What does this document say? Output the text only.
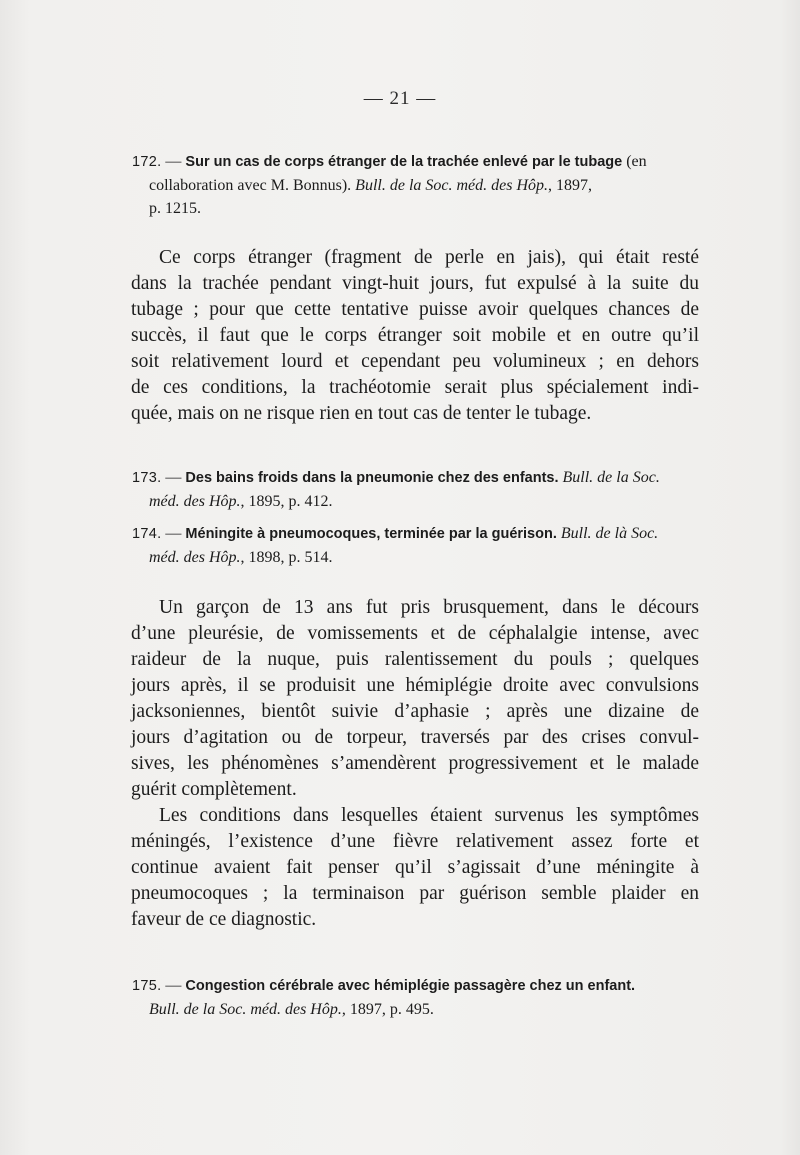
— 21 —
172. — Sur un cas de corps étranger de la trachée enlevé par le tubage (en
collaboration avec M. Bonnus). Bull. de la Soc. méd. des Hôp., 1897,
p. 1215.
Ce corps étranger (fragment de perle en jais), qui était resté
dans la trachée pendant vingt-huit jours, fut expulsé à la suite du
tubage ; pour que cette tentative puisse avoir quelques chances de
succès, il faut que le corps étranger soit mobile et en outre qu’il
soit relativement lourd et cependant peu volumineux ; en dehors
de ces conditions, la trachéotomie serait plus spécialement indi-
quée, mais on ne risque rien en tout cas de tenter le tubage.
173. — Des bains froids dans la pneumonie chez des enfants. Bull. de la Soc.
méd. des Hôp., 1895, p. 412.
174. — Méningite à pneumocoques, terminée par la guérison. Bull. de là Soc.
méd. des Hôp., 1898, p. 514.
Un garçon de 13 ans fut pris brusquement, dans le décours
d’une pleurésie, de vomissements et de céphalalgie intense, avec
raideur de la nuque, puis ralentissement du pouls ; quelques
jours après, il se produisit une hémiplégie droite avec convulsions
jacksoniennes, bientôt suivie d’aphasie ; après une dizaine de
jours d’agitation ou de torpeur, traversés par des crises convul-
sives, les phénomènes s’amendèrent progressivement et le malade
guérit complètement.
Les conditions dans lesquelles étaient survenus les symptômes
méningés, l’existence d’une fièvre relativement assez forte et
continue avaient fait penser qu’il s’agissait d’une méningite à
pneumocoques ; la terminaison par guérison semble plaider en
faveur de ce diagnostic.
175. — Congestion cérébrale avec hémiplégie passagère chez un enfant.
Bull. de la Soc. méd. des Hôp., 1897, p. 495.
